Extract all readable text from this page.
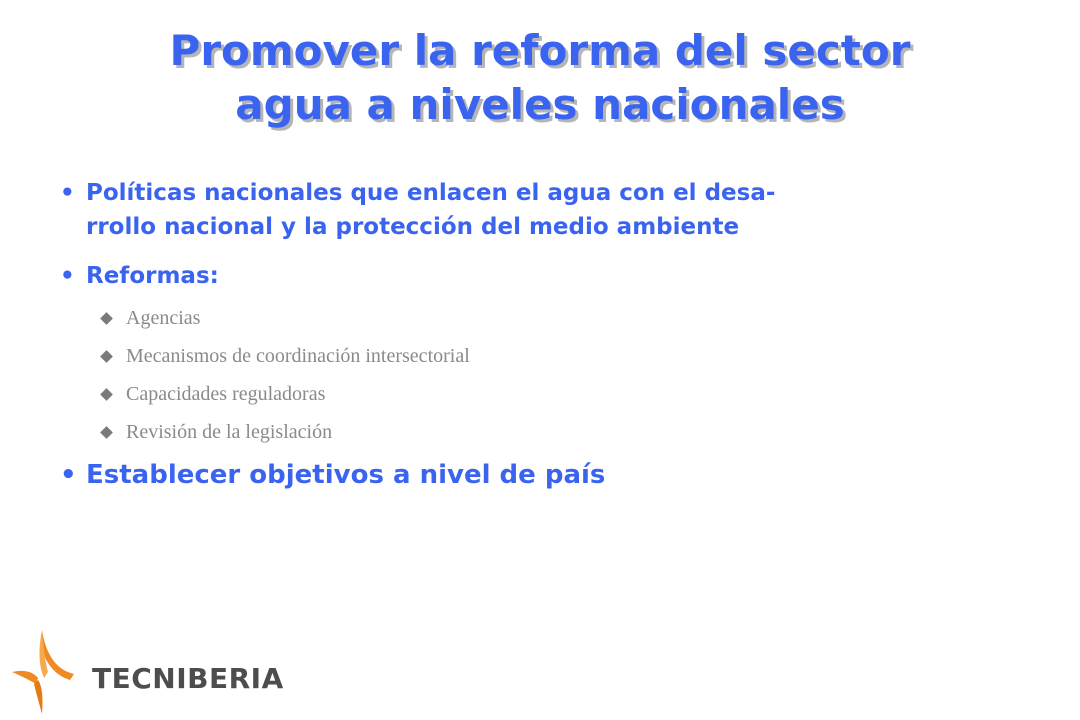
Promover la reforma del sector
agua a niveles nacionales
• Políticas nacionales que enlacen el agua con el desa-
rrollo nacional y la protección del medio ambiente
• Reformas:
Agencias
Mecanismos de coordinación intersectorial
Capacidades reguladoras
Revisión de la legislación
• Establecer objetivos a nivel de país
TECNIBERIA
